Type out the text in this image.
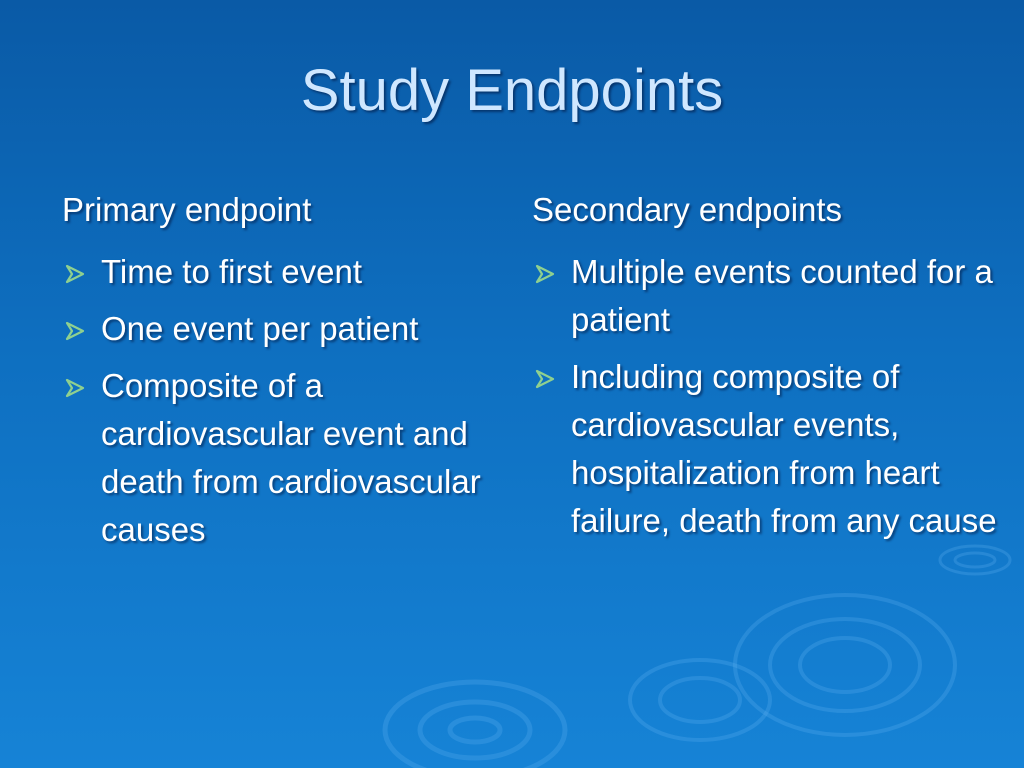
Study Endpoints
Primary endpoint
Time to first event
One event per patient
Composite of a cardiovascular event and death from cardiovascular causes
Secondary endpoints
Multiple events counted for a patient
Including composite of cardiovascular events, hospitalization from heart failure, death from any cause
